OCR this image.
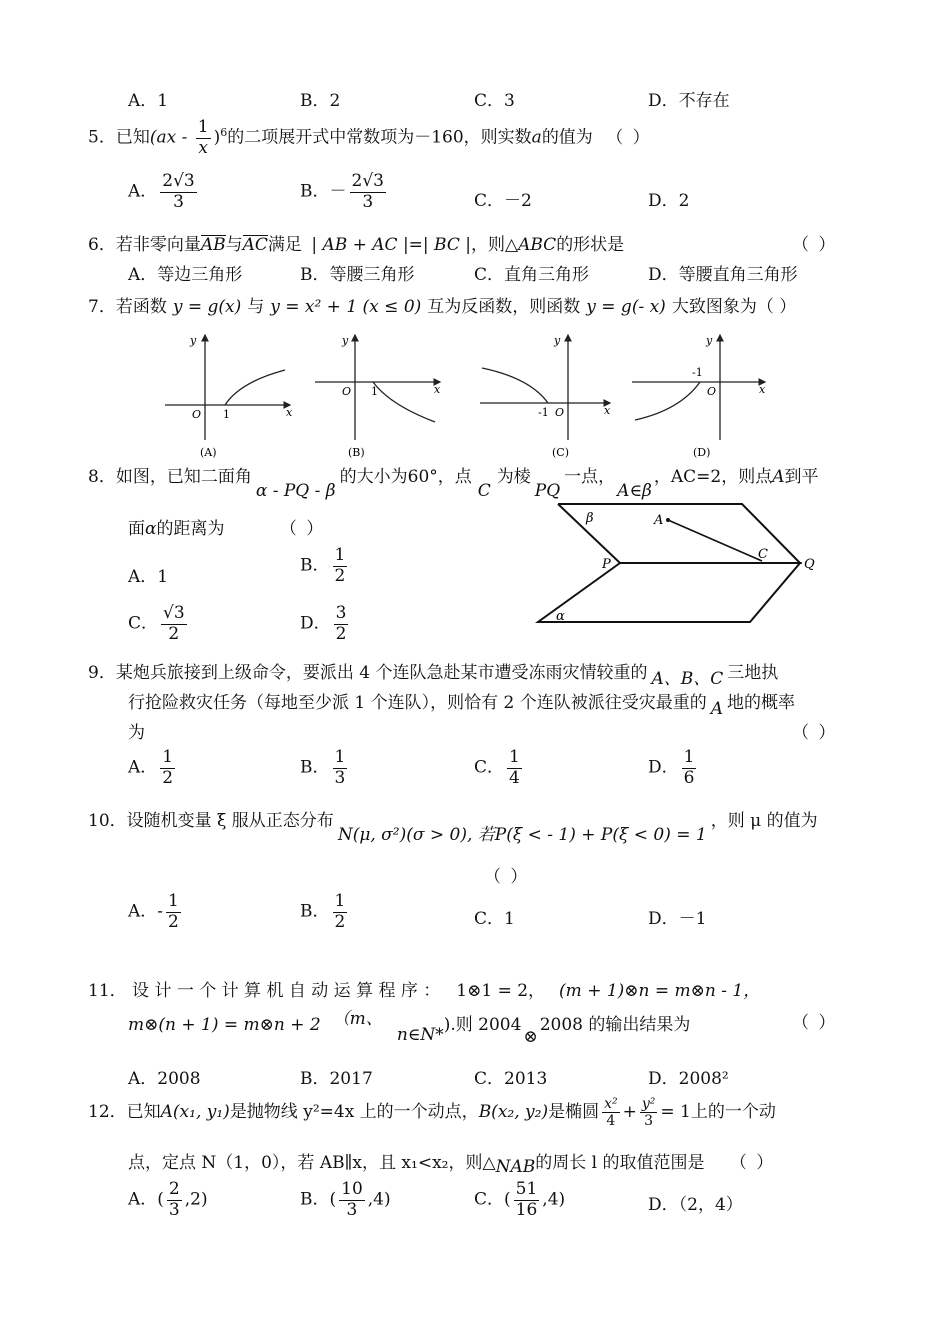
A．1	B．2	C．3	D．不存在
5．已知$(ax - \frac{1}{x} )^6$的二项展开式中常数项为－160，则实数a的值为 （ ）
A． $\frac{2√3}{3}$	B．－ $\frac{2√3}{3}$	C．－2	D．2
6．若非零向量AB与AC满足 | AB + AC |=| BC |，则△ABC的形状是	（ ）
A．等边三角形	B．等腰三角形	C．直角三角形	D．等腰直角三角形
7．若函数 y = g(x) 与 y = x² + 1 (x ≤ 0) 互为反函数，则函数 y = g(- x) 大致图象为（ ）
O 1	x
y
(A)
O 1	x
y
(B)
-1 O	x
y
(C)
-1
O	x
y
(D)
8．如图，已知二面角α - PQ - β的大小为60°，点C为棱PQ一点，A∈β，AC=2，则点A到平
面α的距离为	（ ）
A．1
B． $\frac{1}{2}$
C． $\frac{√3}{2}$	D． $\frac{3}{2}$
β	A
C
P	Q
α
9．某炮兵旅接到上级命令，要派出 4 个连队急赴某市遭受冻雨灾情较重的 A、B、C 三地执
行抢险救灾任务（每地至少派 1 个连队），则恰有 2 个连队被派往受灾最重的 A 地的概率
为	（ ）
A． $\frac{1}{2}$	B． $\frac{1}{3}$	C． $\frac{1}{4}$	D． $\frac{1}{6}$
10．设随机变量 ξ 服从正态分布N(μ, σ²)(σ > 0), 若P(ξ < - 1) + P(ξ < 0) = 1，则 μ 的值为
（ ）
A．- $\frac{1}{2}$	B． $\frac{1}{2}$	C．1	D．－1
11． 设 计 一 个 计 算 机 自 动 运 算 程 序 ： 1⊗1 = 2， (m + 1)⊗n = m⊗n - 1，
m⊗(n + 1) = m⊗n + 2 （m、n∈N*).则 2004⊗2008 的输出结果为	（ ）
A．2008	B．2017	C．2013	D．2008²
12．已知A(x₁, y₁)是抛物线 y²=4x 上的一个动点，B(x₂, y₂)是椭圆 $\frac{\text{x²}}{4} + \frac{\text{y²}}{3} = 1$上的一个动
点，定点 N（1，0），若 AB∥x，且 x₁<x₂，则△NAB的周长 l 的取值范围是 （ ）
A．( $\frac{2}{3} ,2$)	B．( $\frac{10}{3} ,4$)	C．( $\frac{51}{16} ,4$)	D．（2，4）
